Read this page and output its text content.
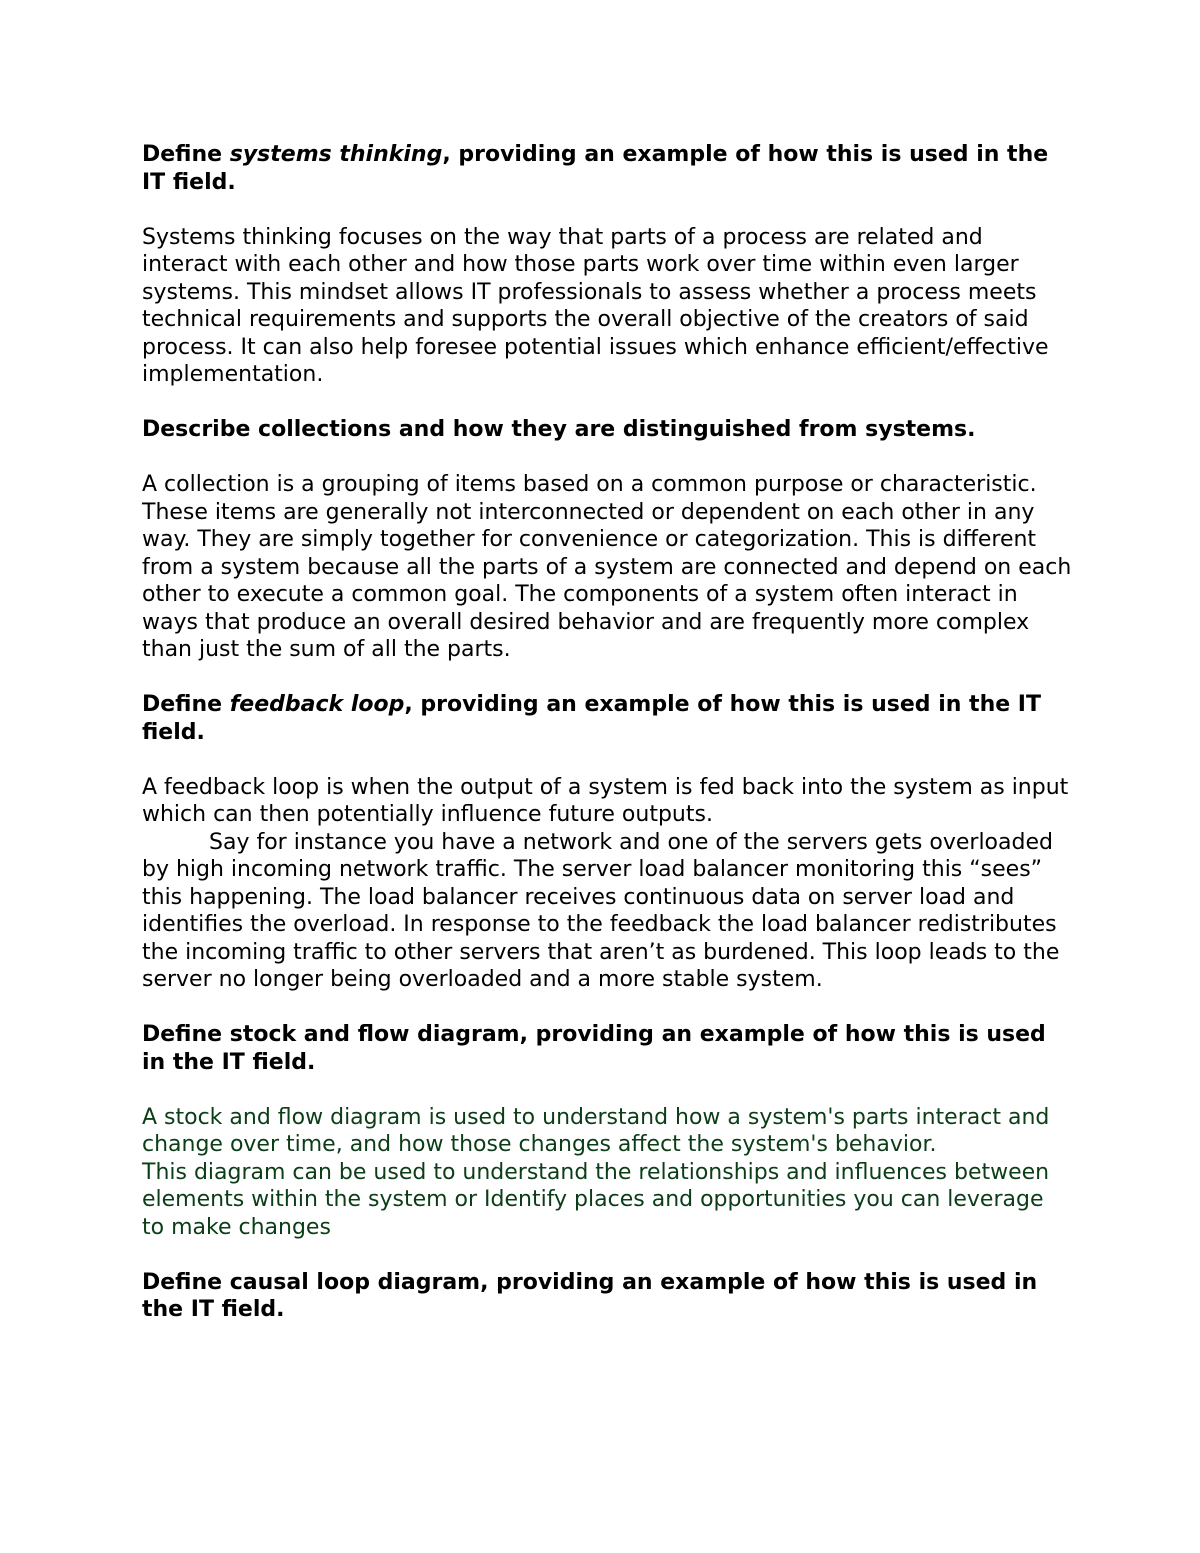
Define systems thinking, providing an example of how this is used in the IT field.

Systems thinking focuses on the way that parts of a process are related and interact with each other and how those parts work over time within even larger systems. This mindset allows IT professionals to assess whether a process meets technical requirements and supports the overall objective of the creators of said process. It can also help foresee potential issues which enhance efficient/effective implementation.

Describe collections and how they are distinguished from systems.

A collection is a grouping of items based on a common purpose or characteristic. These items are generally not interconnected or dependent on each other in any way. They are simply together for convenience or categorization. This is different from a system because all the parts of a system are connected and depend on each other to execute a common goal. The components of a system often interact in ways that produce an overall desired behavior and are frequently more complex than just the sum of all the parts.

Define feedback loop, providing an example of how this is used in the IT field.

A feedback loop is when the output of a system is fed back into the system as input which can then potentially influence future outputs.

Say for instance you have a network and one of the servers gets overloaded by high incoming network traffic. The server load balancer monitoring this “sees” this happening. The load balancer receives continuous data on server load and identifies the overload. In response to the feedback the load balancer redistributes the incoming traffic to other servers that aren’t as burdened. This loop leads to the server no longer being overloaded and a more stable system.

Define stock and flow diagram, providing an example of how this is used in the IT field.

A stock and flow diagram is used to understand how a system's parts interact and change over time, and how those changes affect the system's behavior.

This diagram can be used to understand the relationships and influences between elements within the system or Identify places and opportunities you can leverage to make changes

Define causal loop diagram, providing an example of how this is used in the IT field.
